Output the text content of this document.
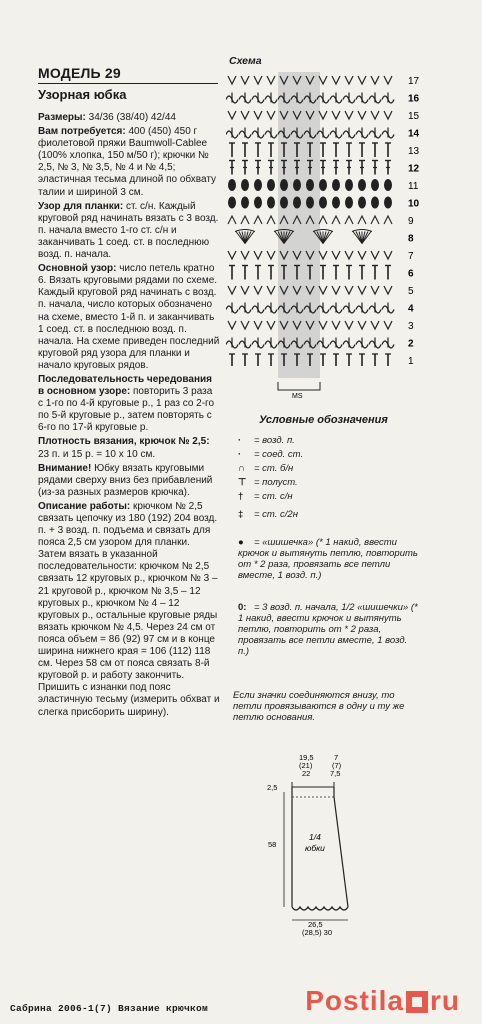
МОДЕЛЬ 29
Узорная юбка

Размеры: 34/36 (38/40) 42/44

Вам потребуется: 400 (450) 450 г фиолетовой пряжи Baumwoll-Cablee (100% хлопка, 150 м/50 г); крючки № 2,5, № 3, № 3,5, № 4 и № 4,5; эластичная тесьма длиной по обхвату талии и шириной 3 см.

Узор для планки: ст. с/н. Каждый круговой ряд начинать вязать с 3 возд. п. начала вместо 1-го ст. с/н и заканчивать 1 соед. ст. в последнюю возд. п. начала.

Основной узор: число петель кратно 6. Вязать круговыми рядами по схеме. Каждый круговой ряд начинать с возд. п. начала, число которых обозначено на схеме, вместо 1-й п. и заканчивать 1 соед. ст. в последнюю возд. п. начала. На схеме приведен последний круговой ряд узора для планки и начало круговых рядов.

Последовательность чередования в основном узоре: повторить 3 раза с 1-го по 4-й круговые р., 1 раз со 2-го по 5-й круговые р., затем повторять с 6-го по 17-й круговые р.

Плотность вязания, крючок № 2,5: 23 п. и 15 р. = 10 х 10 см.

Внимание! Юбку вязать круговыми рядами сверху вниз без прибавлений (из-за разных размеров крючка).

Описание работы: крючком № 2,5 связать цепочку из 180 (192) 204 возд. п. + 3 возд. п. подъема и связать для пояса 2,5 см узором для планки. Затем вязать в указанной последовательности: крючком № 2,5 связать 12 круговых р., крючком № 3 – 21 круговой р., крючком № 3,5 – 12 круговых р., крючком № 4 – 12 круговых р., остальные круговые ряды вязать крючком № 4,5. Через 24 см от пояса объем = 86 (92) 97 см и в конце ширина нижнего края = 106 (112) 118 см. Через 58 см от пояса связать 8-й круговой р. и работу закончить. Пришить с изнанки под пояс эластичную тесьму (измерить обхват и слегка присборить ширину).

Схема
17
16
15
14
13
12
11
10
9
8
7
6
5
4
3
2
1
MS
Условные обозначения
· = возд. п.
· = соед. ст.
∩ = ст. б/н
⊤ = полуст.
† = ст. с/н
‡ = ст. с/2н
● = «шишечка» (* 1 накид, ввести крючок и вытянуть петлю, повторить от * 2 раза, провязать все петли вместе, 1 возд. п.)
0: = 3 возд. п. начала, 1/2 «шишечки» (* 1 накид, ввести крючок и вытянуть петлю, повторить от * 2 раза, провязать все петли вместе, 1 возд. п.)
Если значки соединяются внизу, то петли провязываются в одну и ту же петлю основания.
19,5
(21)
22
7
(7)
7,5
2,5
58
1/4
юбки
26,5
(28,5) 30
Сабрина 2006-1(7) Вязание крючком	Postila ru
